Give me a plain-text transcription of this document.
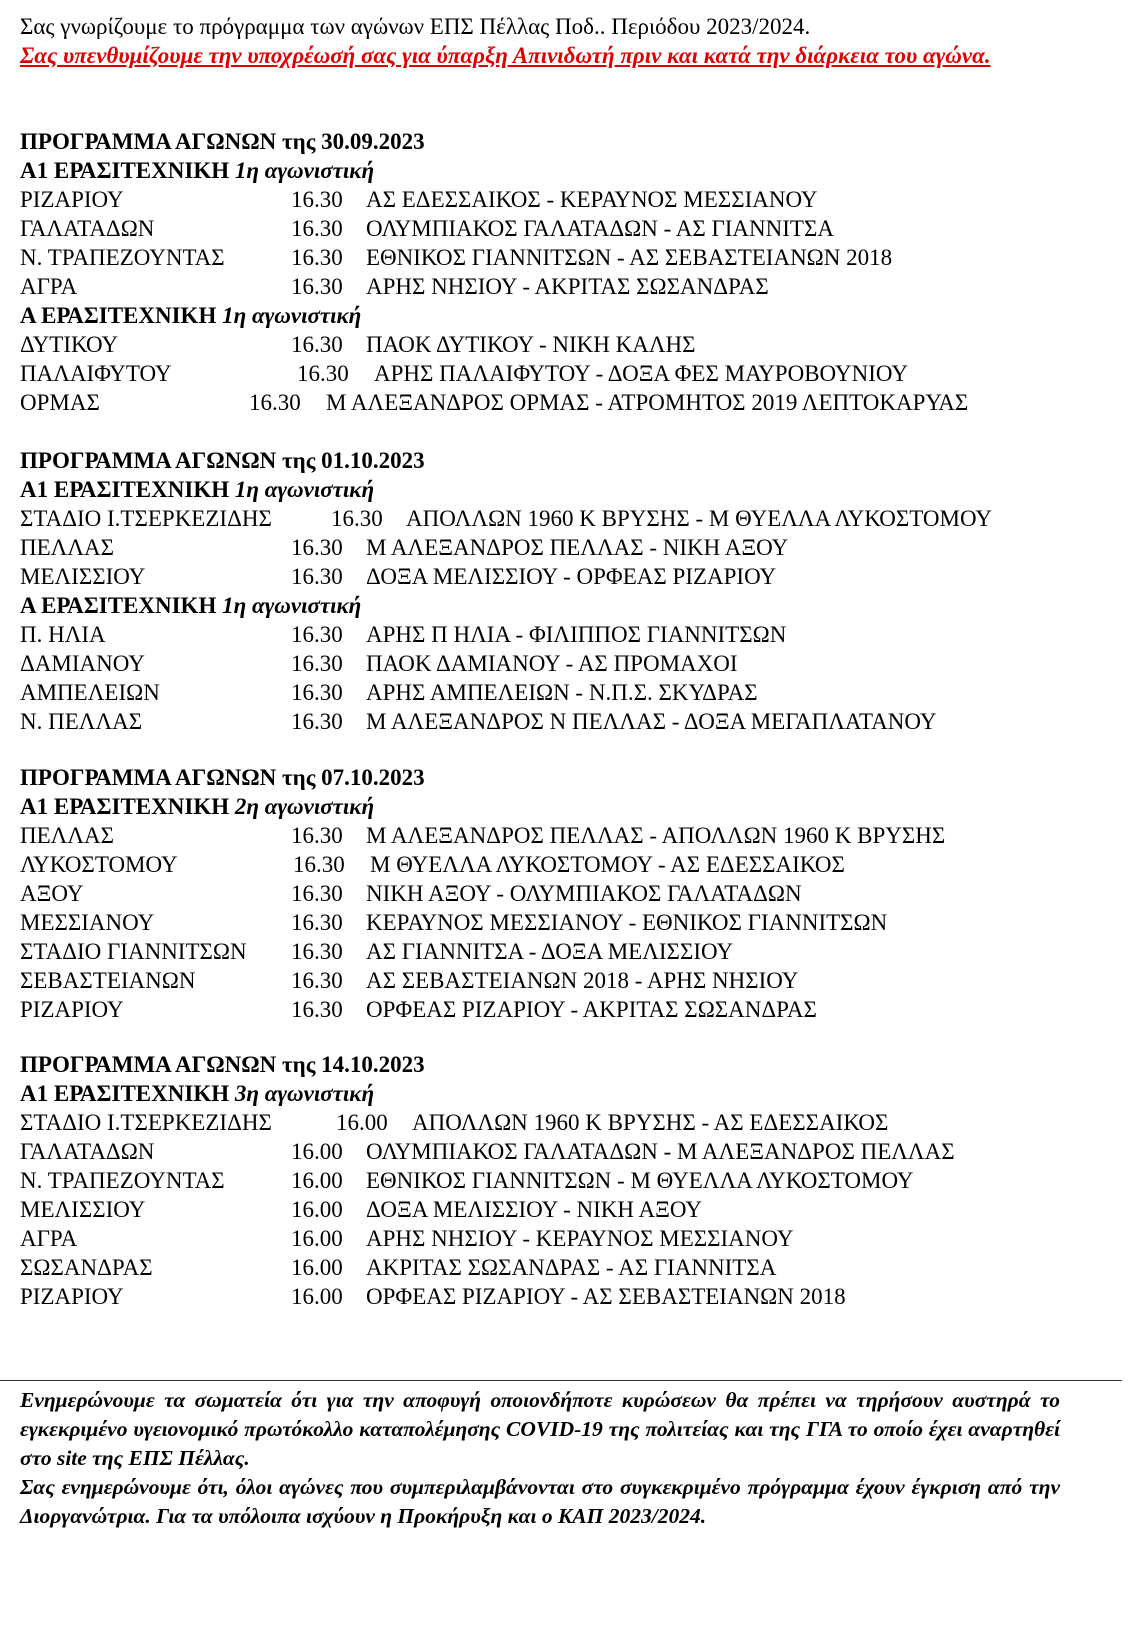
Σας γνωρίζουμε το πρόγραμμα των αγώνων ΕΠΣ Πέλλας Ποδ.. Περιόδου 2023/2024.
Σας υπενθυμίζουμε την υποχρέωσή σας για ύπαρξη Απινιδωτή πριν και κατά την διάρκεια του αγώνα.
ΠΡΟΓΡΑΜΜΑ ΑΓΩΝΩΝ της 30.09.2023
Α1 ΕΡΑΣΙΤΕΧΝΙΚΗ 1η αγωνιστική
ΡΙΖΑΡΙΟΥ	16.30 ΑΣ ΕΔΕΣΣΑΙΚΟΣ - ΚΕΡΑΥΝΟΣ ΜΕΣΣΙΑΝΟΥ
ΓΑΛΑΤΑΔΩΝ	16.30 ΟΛΥΜΠΙΑΚΟΣ ΓΑΛΑΤΑΔΩΝ - ΑΣ ΓΙΑΝΝΙΤΣΑ
Ν. ΤΡΑΠΕΖΟΥΝΤΑΣ	16.30 ΕΘΝΙΚΟΣ ΓΙΑΝΝΙΤΣΩΝ - ΑΣ ΣΕΒΑΣΤΕΙΑΝΩΝ 2018
ΑΓΡΑ	16.30 ΑΡΗΣ ΝΗΣΙΟΥ - ΑΚΡΙΤΑΣ ΣΩΣΑΝΔΡΑΣ
Α ΕΡΑΣΙΤΕΧΝΙΚΗ 1η αγωνιστική
ΔΥΤΙΚΟΥ	16.30 ΠΑΟΚ ΔΥΤΙΚΟΥ - ΝΙΚΗ ΚΑΛΗΣ
ΠΑΛΑΙΦΥΤΟΥ	16.30 ΑΡΗΣ ΠΑΛΑΙΦΥΤΟΥ - ΔΟΞΑ ΦΕΣ ΜΑΥΡΟΒΟΥΝΙΟΥ
ΟΡΜΑΣ	16.30 Μ ΑΛΕΞΑΝΔΡΟΣ ΟΡΜΑΣ - ΑΤΡΟΜΗΤΟΣ 2019 ΛΕΠΤΟΚΑΡΥΑΣ
ΠΡΟΓΡΑΜΜΑ ΑΓΩΝΩΝ της 01.10.2023
Α1 ΕΡΑΣΙΤΕΧΝΙΚΗ 1η αγωνιστική
ΣΤΑΔΙΟ Ι.ΤΣΕΡΚΕΖΙΔΗΣ	16.30 ΑΠΟΛΛΩΝ 1960 Κ ΒΡΥΣΗΣ - Μ ΘΥΕΛΛΑ ΛΥΚΟΣΤΟΜΟΥ
ΠΕΛΛΑΣ	16.30 Μ ΑΛΕΞΑΝΔΡΟΣ ΠΕΛΛΑΣ - ΝΙΚΗ ΑΞΟΥ
ΜΕΛΙΣΣΙΟΥ	16.30 ΔΟΞΑ ΜΕΛΙΣΣΙΟΥ - ΟΡΦΕΑΣ ΡΙΖΑΡΙΟΥ
Α ΕΡΑΣΙΤΕΧΝΙΚΗ 1η αγωνιστική
Π. ΗΛΙΑ	16.30 ΑΡΗΣ Π ΗΛΙΑ - ΦΙΛΙΠΠΟΣ ΓΙΑΝΝΙΤΣΩΝ
ΔΑΜΙΑΝΟΥ	16.30 ΠΑΟΚ ΔΑΜΙΑΝΟΥ - ΑΣ ΠΡΟΜΑΧΟΙ
ΑΜΠΕΛΕΙΩΝ	16.30 ΑΡΗΣ ΑΜΠΕΛΕΙΩΝ - Ν.Π.Σ. ΣΚΥΔΡΑΣ
Ν. ΠΕΛΛΑΣ	16.30 Μ ΑΛΕΞΑΝΔΡΟΣ Ν ΠΕΛΛΑΣ - ΔΟΞΑ ΜΕΓΑΠΛΑΤΑΝΟΥ
ΠΡΟΓΡΑΜΜΑ ΑΓΩΝΩΝ της 07.10.2023
Α1 ΕΡΑΣΙΤΕΧΝΙΚΗ 2η αγωνιστική
ΠΕΛΛΑΣ	16.30 Μ ΑΛΕΞΑΝΔΡΟΣ ΠΕΛΛΑΣ - ΑΠΟΛΛΩΝ 1960 Κ ΒΡΥΣΗΣ
ΛΥΚΟΣΤΟΜΟΥ	16.30 Μ ΘΥΕΛΛΑ ΛΥΚΟΣΤΟΜΟΥ - ΑΣ ΕΔΕΣΣΑΙΚΟΣ
ΑΞΟΥ	16.30 ΝΙΚΗ ΑΞΟΥ - ΟΛΥΜΠΙΑΚΟΣ ΓΑΛΑΤΑΔΩΝ
ΜΕΣΣΙΑΝΟΥ	16.30 ΚΕΡΑΥΝΟΣ ΜΕΣΣΙΑΝΟΥ - ΕΘΝΙΚΟΣ ΓΙΑΝΝΙΤΣΩΝ
ΣΤΑΔΙΟ ΓΙΑΝΝΙΤΣΩΝ 16.30 ΑΣ ΓΙΑΝΝΙΤΣΑ - ΔΟΞΑ ΜΕΛΙΣΣΙΟΥ
ΣΕΒΑΣΤΕΙΑΝΩΝ	16.30 ΑΣ ΣΕΒΑΣΤΕΙΑΝΩΝ 2018 - ΑΡΗΣ ΝΗΣΙΟΥ
ΡΙΖΑΡΙΟΥ	16.30 ΟΡΦΕΑΣ ΡΙΖΑΡΙΟΥ - ΑΚΡΙΤΑΣ ΣΩΣΑΝΔΡΑΣ
ΠΡΟΓΡΑΜΜΑ ΑΓΩΝΩΝ της 14.10.2023
Α1 ΕΡΑΣΙΤΕΧΝΙΚΗ 3η αγωνιστική
ΣΤΑΔΙΟ Ι.ΤΣΕΡΚΕΖΙΔΗΣ	16.00 ΑΠΟΛΛΩΝ 1960 Κ ΒΡΥΣΗΣ - ΑΣ ΕΔΕΣΣΑΙΚΟΣ
ΓΑΛΑΤΑΔΩΝ	16.00 ΟΛΥΜΠΙΑΚΟΣ ΓΑΛΑΤΑΔΩΝ - Μ ΑΛΕΞΑΝΔΡΟΣ ΠΕΛΛΑΣ
Ν. ΤΡΑΠΕΖΟΥΝΤΑΣ	16.00 ΕΘΝΙΚΟΣ ΓΙΑΝΝΙΤΣΩΝ - Μ ΘΥΕΛΛΑ ΛΥΚΟΣΤΟΜΟΥ
ΜΕΛΙΣΣΙΟΥ	16.00 ΔΟΞΑ ΜΕΛΙΣΣΙΟΥ - ΝΙΚΗ ΑΞΟΥ
ΑΓΡΑ	16.00 ΑΡΗΣ ΝΗΣΙΟΥ - ΚΕΡΑΥΝΟΣ ΜΕΣΣΙΑΝΟΥ
ΣΩΣΑΝΔΡΑΣ	16.00 ΑΚΡΙΤΑΣ ΣΩΣΑΝΔΡΑΣ - ΑΣ ΓΙΑΝΝΙΤΣΑ
ΡΙΖΑΡΙΟΥ	16.00 ΟΡΦΕΑΣ ΡΙΖΑΡΙΟΥ - ΑΣ ΣΕΒΑΣΤΕΙΑΝΩΝ 2018

Ενημερώνουμε τα σωματεία ότι για την αποφυγή οποιονδήποτε κυρώσεων θα πρέπει να τηρήσουν αυστηρά το εγκεκριμένο υγειονομικό πρωτόκολλο καταπολέμησης COVID-19 της πολιτείας και της ΓΓΑ το οποίο έχει αναρτηθεί στο site της ΕΠΣ Πέλλας.

Σας ενημερώνουμε ότι, όλοι αγώνες που συμπεριλαμβάνονται στο συγκεκριμένο πρόγραμμα έχουν έγκριση από την Διοργανώτρια. Για τα υπόλοιπα ισχύουν η Προκήρυξη και ο ΚΑΠ 2023/2024.
